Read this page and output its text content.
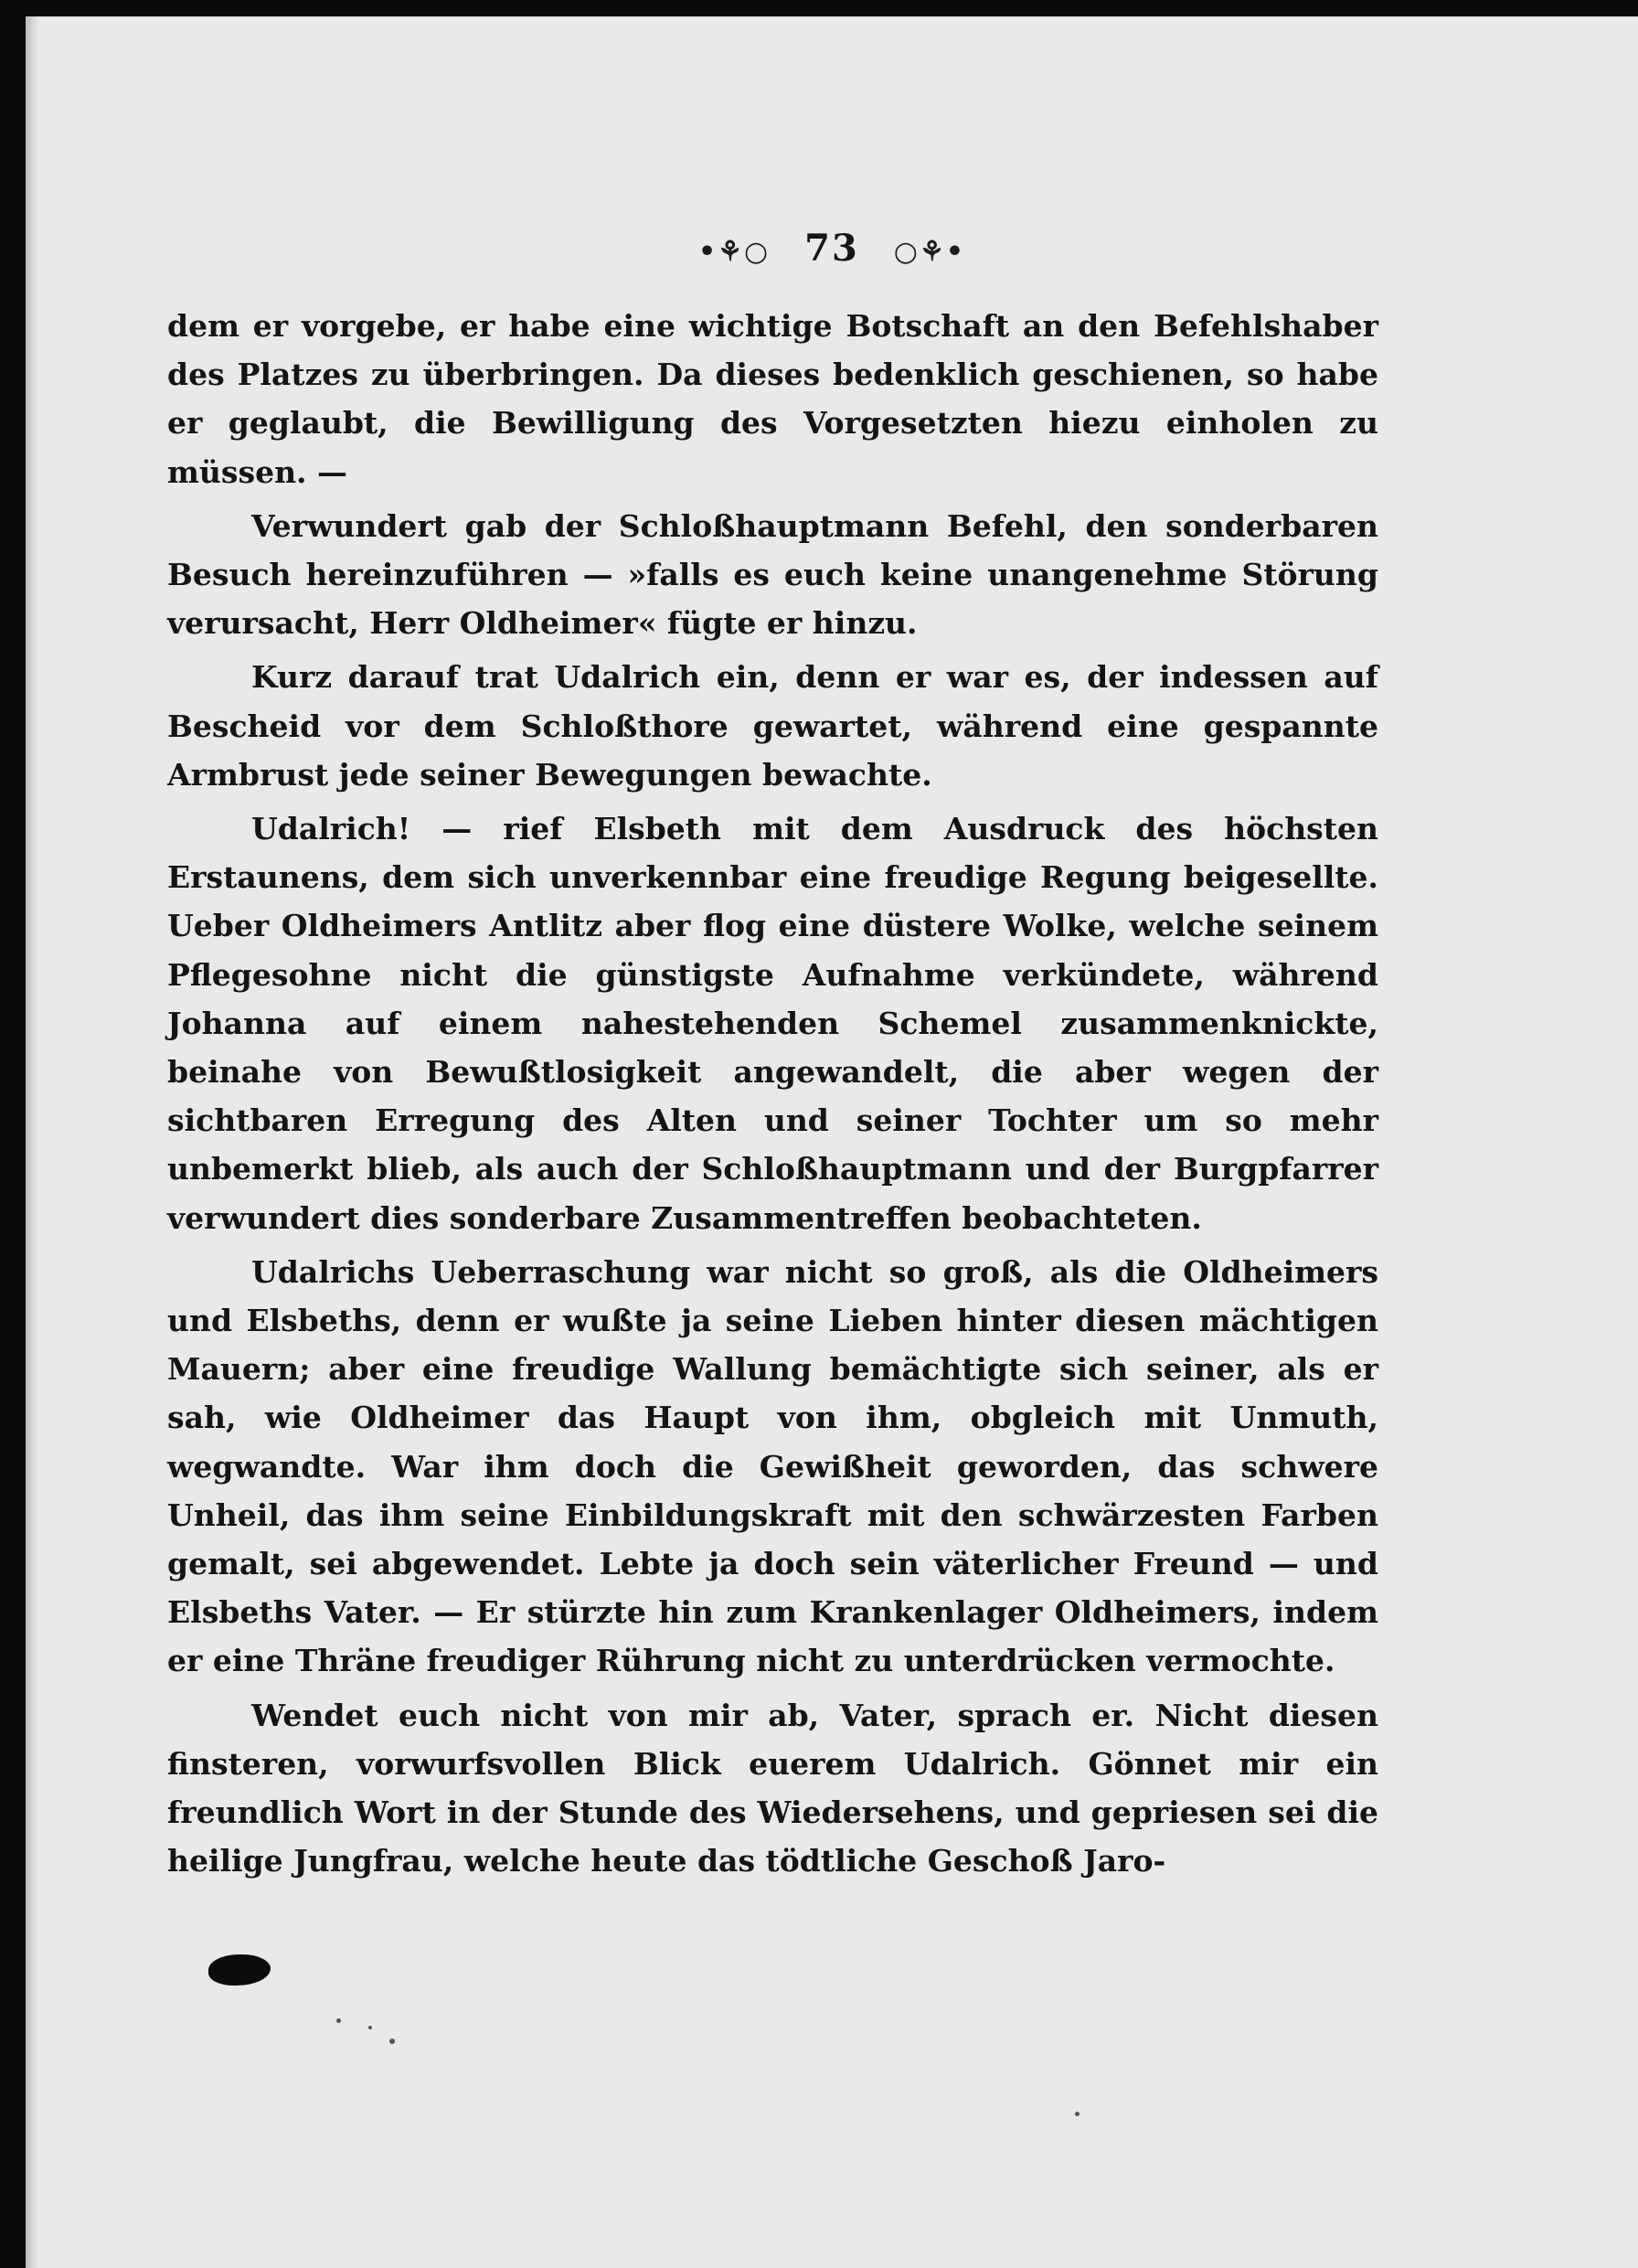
•⚘○ 73 ○⚘•

dem er vorgebe, er habe eine wichtige Botschaft an den Befehlshaber des Platzes zu überbringen. Da dieses bedenklich geschienen, so habe er geglaubt, die Bewilligung des Vorgesetzten hiezu einholen zu müssen. —

Verwundert gab der Schloßhauptmann Befehl, den sonderbaren Besuch hereinzuführen — »falls es euch keine unangenehme Störung verursacht, Herr Oldheimer« fügte er hinzu.

Kurz darauf trat Udalrich ein, denn er war es, der indessen auf Bescheid vor dem Schloßthore gewartet, während eine gespannte Armbrust jede seiner Bewegungen bewachte.

Udalrich! — rief Elsbeth mit dem Ausdruck des höchsten Erstaunens, dem sich unverkennbar eine freudige Regung beigesellte. Ueber Oldheimers Antlitz aber flog eine düstere Wolke, welche seinem Pflegesohne nicht die günstigste Aufnahme verkündete, während Johanna auf einem nahestehenden Schemel zusammenknickte, beinahe von Bewußtlosigkeit angewandelt, die aber wegen der sichtbaren Erregung des Alten und seiner Tochter um so mehr unbemerkt blieb, als auch der Schloßhauptmann und der Burgpfarrer verwundert dies sonderbare Zusammentreffen beobachteten.

Udalrichs Ueberraschung war nicht so groß, als die Oldheimers und Elsbeths, denn er wußte ja seine Lieben hinter diesen mächtigen Mauern; aber eine freudige Wallung bemächtigte sich seiner, als er sah, wie Oldheimer das Haupt von ihm, obgleich mit Unmuth, wegwandte. War ihm doch die Gewißheit geworden, das schwere Unheil, das ihm seine Einbildungskraft mit den schwärzesten Farben gemalt, sei abgewendet. Lebte ja doch sein väterlicher Freund — und Elsbeths Vater. — Er stürzte hin zum Krankenlager Oldheimers, indem er eine Thräne freudiger Rührung nicht zu unterdrücken vermochte.

Wendet euch nicht von mir ab, Vater, sprach er. Nicht diesen finsteren, vorwurfsvollen Blick euerem Udalrich. Gönnet mir ein freundlich Wort in der Stunde des Wiedersehens, und gepriesen sei die heilige Jungfrau, welche heute das tödtliche Geschoß Jaro-
